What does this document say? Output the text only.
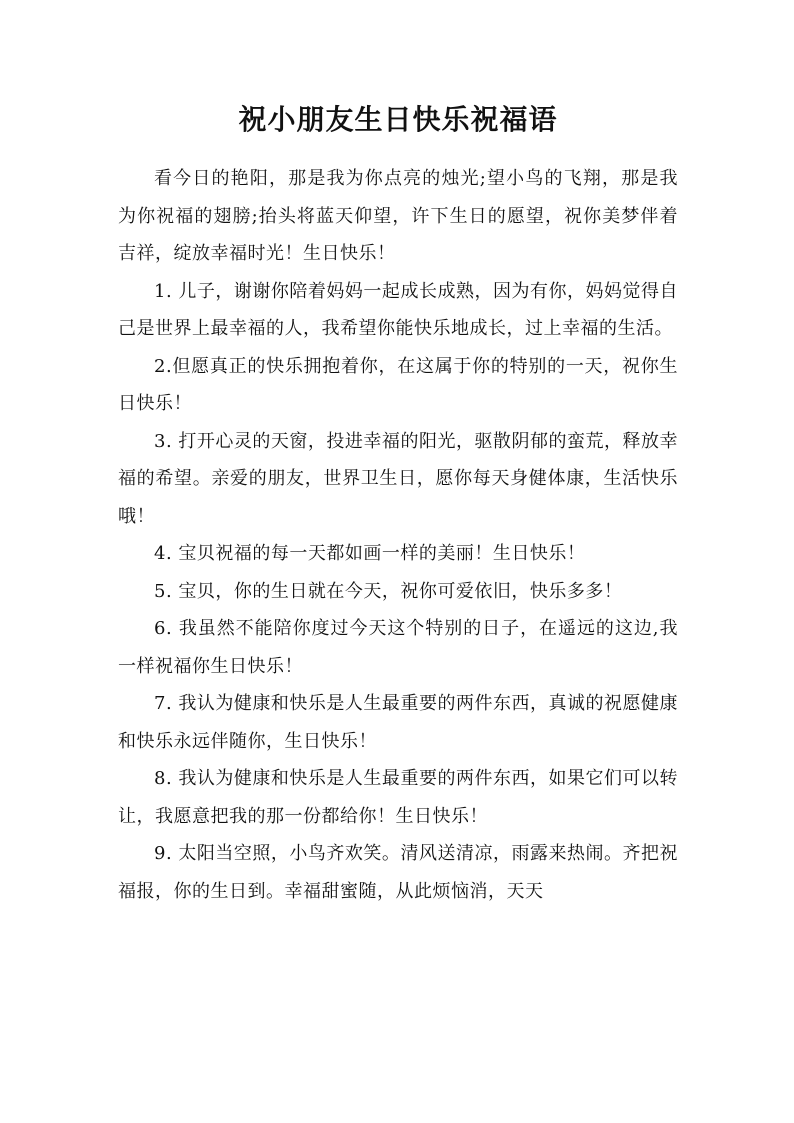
祝小朋友生日快乐祝福语

看今日的艳阳，那是我为你点亮的烛光;望小鸟的飞翔，那是我为你祝福的翅膀;抬头将蓝天仰望，许下生日的愿望，祝你美梦伴着吉祥，绽放幸福时光！生日快乐！

1. 儿子，谢谢你陪着妈妈一起成长成熟，因为有你，妈妈觉得自己是世界上最幸福的人，我希望你能快乐地成长，过上幸福的生活。

2.但愿真正的快乐拥抱着你，在这属于你的特别的一天，祝你生日快乐！

3. 打开心灵的天窗，投进幸福的阳光，驱散阴郁的蛮荒，释放幸福的希望。亲爱的朋友，世界卫生日，愿你每天身健体康，生活快乐哦！

4. 宝贝祝福的每一天都如画一样的美丽！生日快乐！

5. 宝贝，你的生日就在今天，祝你可爱依旧，快乐多多！

6. 我虽然不能陪你度过今天这个特别的日子，在遥远的这边,我一样祝福你生日快乐！

7. 我认为健康和快乐是人生最重要的两件东西，真诚的祝愿健康和快乐永远伴随你，生日快乐！

8. 我认为健康和快乐是人生最重要的两件东西，如果它们可以转让，我愿意把我的那一份都给你！生日快乐！

9. 太阳当空照，小鸟齐欢笑。清风送清凉，雨露来热闹。齐把祝福报，你的生日到。幸福甜蜜随，从此烦恼消，天天
